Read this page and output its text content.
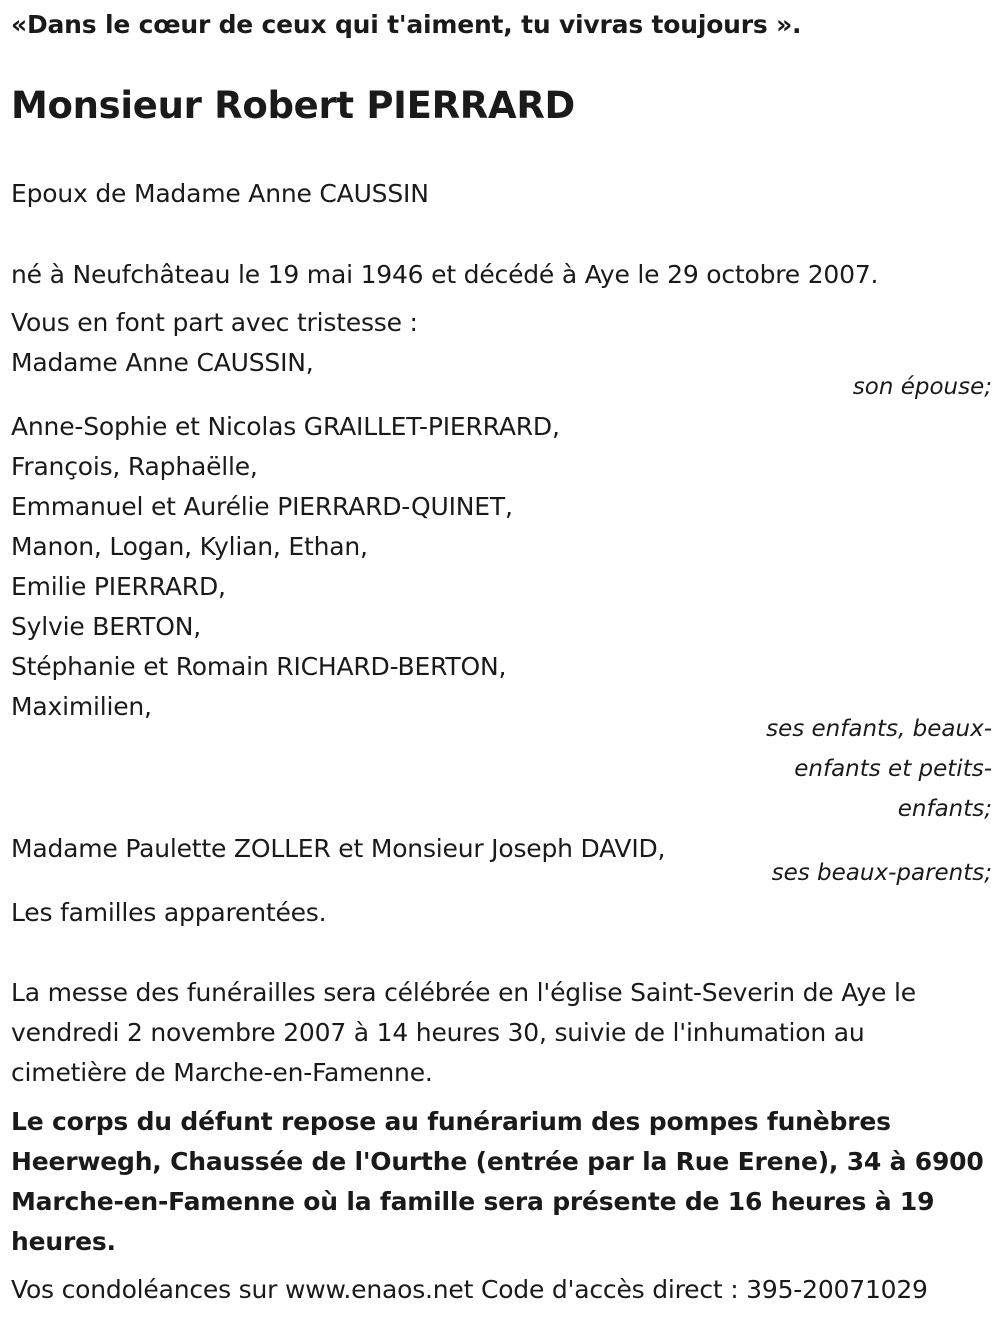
«Dans le cœur de ceux qui t'aiment, tu vivras toujours ».
Monsieur Robert PIERRARD
Epoux de Madame Anne CAUSSIN
né à Neufchâteau le 19 mai 1946 et décédé à Aye le 29 octobre 2007.
Vous en font part avec tristesse :
Madame Anne CAUSSIN,
son épouse;
Anne-Sophie et Nicolas GRAILLET-PIERRARD,
François, Raphaëlle,
Emmanuel et Aurélie PIERRARD-QUINET,
Manon, Logan, Kylian, Ethan,
Emilie PIERRARD,
Sylvie BERTON,
Stéphanie et Romain RICHARD-BERTON,
Maximilien,
ses enfants, beaux-enfants et petits-enfants;
Madame Paulette ZOLLER et Monsieur Joseph DAVID,
ses beaux-parents;
Les familles apparentées.
La messe des funérailles sera célébrée en l'église Saint-Severin de Aye le vendredi 2 novembre 2007 à 14 heures 30, suivie de l'inhumation au cimetière de Marche-en-Famenne.
Le corps du défunt repose au funérarium des pompes funèbres Heerwegh, Chaussée de l'Ourthe (entrée par la Rue Erene), 34 à 6900 Marche-en-Famenne où la famille sera présente de 16 heures à 19 heures.
Vos condoléances sur www.enaos.net Code d'accès direct : 395-20071029
